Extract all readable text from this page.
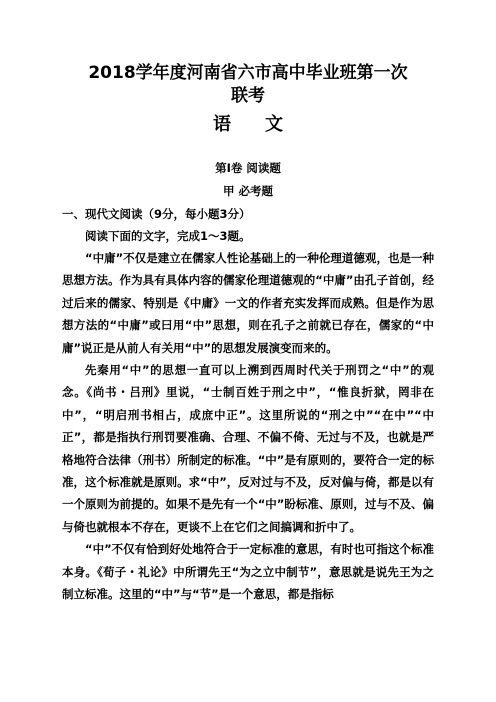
2018学年度河南省六市高中毕业班第一次
联考
语文
第Ⅰ卷 阅读题
甲 必考题
一、现代文阅读（9分，每小题3分）
阅读下面的文字，完成1～3题。

“中庸”不仅是建立在儒家人性论基础上的一种伦理道德观，也是一种思想方法。作为具有具体内容的儒家伦理道德观的“中庸”由孔子首创，经过后来的儒家、特别是《中庸》一文的作者充实发挥而成熟。但是作为思想方法的“中庸”或曰用“中”思想，则在孔子之前就已存在，儒家的“中庸”说正是从前人有关用“中”的思想发展演变而来的。

先秦用“中”的思想一直可以上溯到西周时代关于刑罚之“中”的观念。《尚书・吕刑》里说，“士制百姓于刑之中”，“惟良折狱，罔非在中”，“明启刑书相占，成庶中正”。这里所说的“刑之中”“在中”“中正”，都是指执行刑罚要准确、合理、不偏不倚、无过与不及，也就是严格地符合法律（刑书）所制定的标准。“中”是有原则的，要符合一定的标准，这个标准就是原则。求“中”，反对过与不及，反对偏与倚，都是以有一个原则为前提的。如果不是先有一个“中”盼标准、原则，过与不及、偏与倚也就根本不存在，更谈不上在它们之间搞调和折中了。

“中”不仅有恰到好处地符合于一定标准的意思，有时也可指这个标准本身。《荀子・礼论》中所谓先王“为之立中制节”，意思就是说先王为之制立标准。这里的“中”与“节”是一个意思，都是指标
